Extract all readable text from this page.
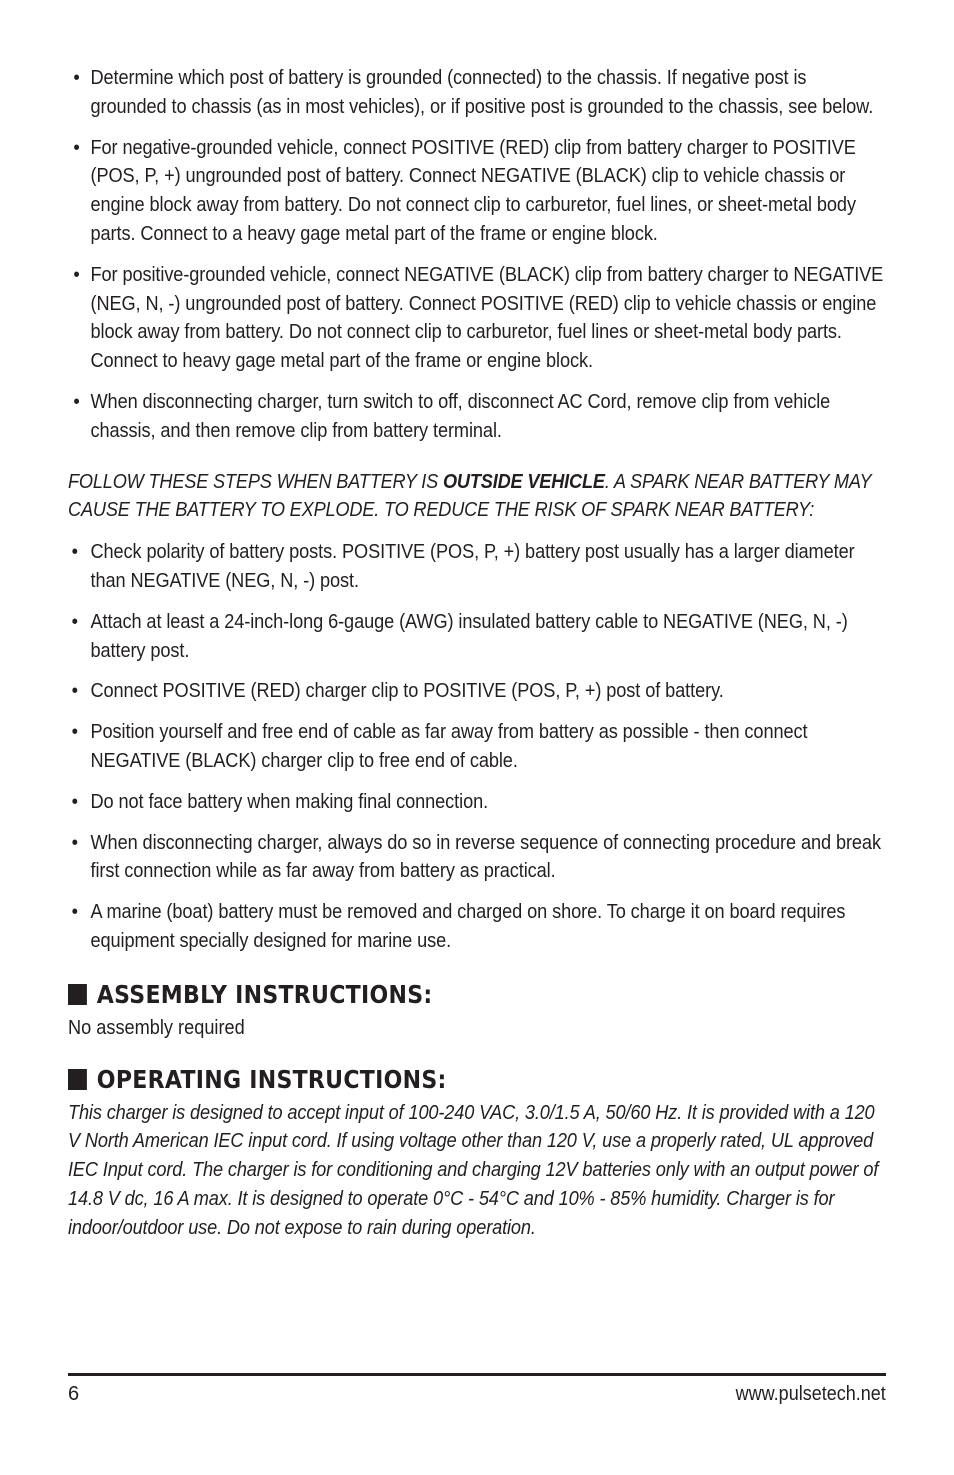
• Determine which post of battery is grounded (connected) to the chassis. If negative post is grounded to chassis (as in most vehicles), or if positive post is grounded to the chassis, see below.
• For negative-grounded vehicle, connect POSITIVE (RED) clip from battery charger to POSITIVE (POS, P, +) ungrounded post of battery. Connect NEGATIVE (BLACK) clip to vehicle chassis or engine block away from battery. Do not connect clip to carburetor, fuel lines, or sheet-metal body parts. Connect to a heavy gage metal part of the frame or engine block.
• For positive-grounded vehicle, connect NEGATIVE (BLACK) clip from battery charger to NEGATIVE (NEG, N, -) ungrounded post of battery. Connect POSITIVE (RED) clip to vehicle chassis or engine block away from battery. Do not connect clip to carburetor, fuel lines or sheet-metal body parts. Connect to heavy gage metal part of the frame or engine block.
• When disconnecting charger, turn switch to off, disconnect AC Cord, remove clip from vehicle chassis, and then remove clip from battery terminal.

FOLLOW THESE STEPS WHEN BATTERY IS OUTSIDE VEHICLE. A SPARK NEAR BATTERY MAY CAUSE THE BATTERY TO EXPLODE. TO REDUCE THE RISK OF SPARK NEAR BATTERY:

• Check polarity of battery posts. POSITIVE (POS, P, +) battery post usually has a larger diameter than NEGATIVE (NEG, N, -) post.
• Attach at least a 24-inch-long 6-gauge (AWG) insulated battery cable to NEGATIVE (NEG, N, -) battery post.
• Connect POSITIVE (RED) charger clip to POSITIVE (POS, P, +) post of battery.
• Position yourself and free end of cable as far away from battery as possible - then connect NEGATIVE (BLACK) charger clip to free end of cable.
• Do not face battery when making final connection.
• When disconnecting charger, always do so in reverse sequence of connecting procedure and break first connection while as far away from battery as practical.
• A marine (boat) battery must be removed and charged on shore. To charge it on board requires equipment specially designed for marine use.
ASSEMBLY INSTRUCTIONS:

No assembly required

OPERATING INSTRUCTIONS:

This charger is designed to accept input of 100-240 VAC, 3.0/1.5 A, 50/60 Hz. It is provided with a 120 V North American IEC input cord. If using voltage other than 120 V, use a properly rated, UL approved IEC Input cord. The charger is for conditioning and charging 12V batteries only with an output power of 14.8 V dc, 16 A max. It is designed to operate 0°C - 54°C and 10% - 85% humidity. Charger is for indoor/outdoor use. Do not expose to rain during operation.

6	www.pulsetech.net
